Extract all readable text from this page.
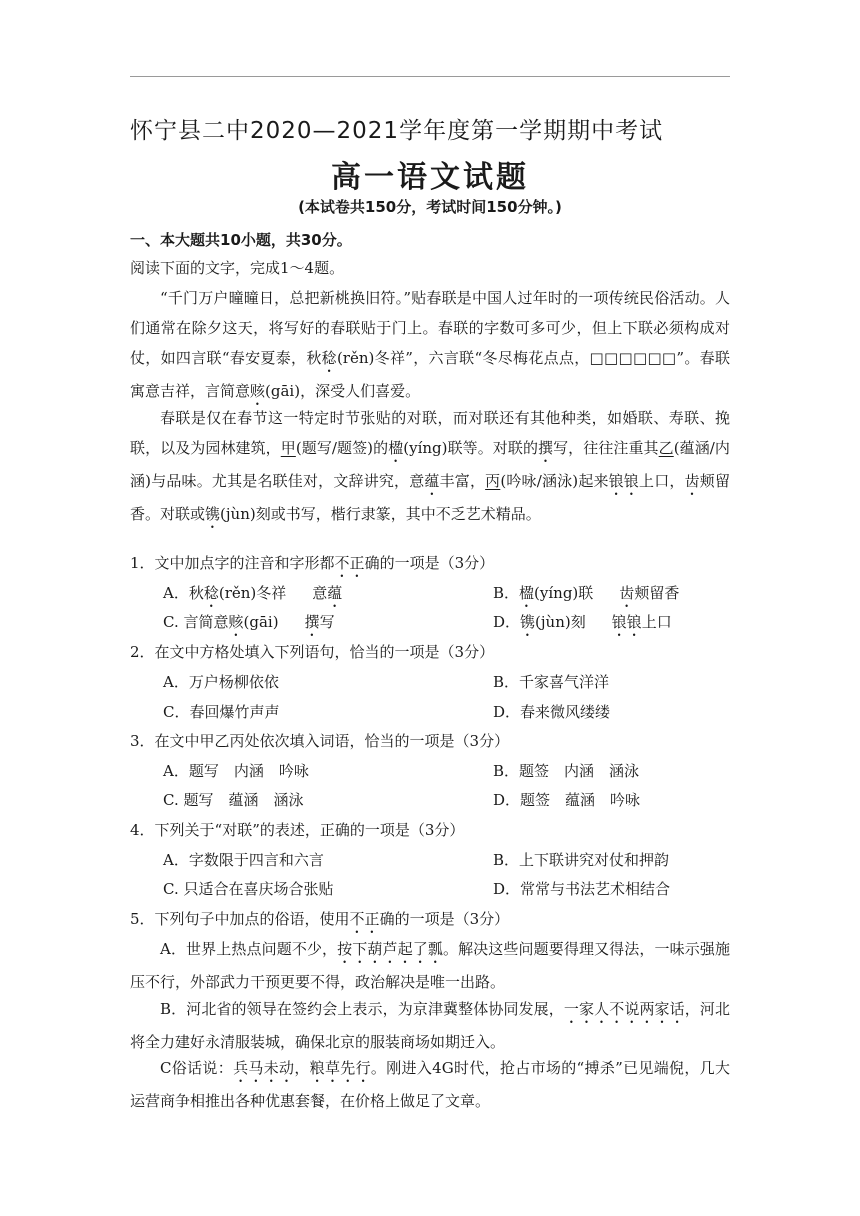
怀宁县二中2020—2021学年度第一学期期中考试
高一语文试题
(本试卷共150分，考试时间150分钟。)
一、本大题共10小题，共30分。
阅读下面的文字，完成1～4题。
“千门万户曈曈日，总把新桃换旧符。”贴春联是中国人过年时的一项传统民俗活动。人们通常在除夕这天，将写好的春联贴于门上。春联的字数可多可少，但上下联必须构成对仗，如四言联“春安夏泰，秋稔(rěn)冬祥”，六言联“冬尽梅花点点，□□□□□□”。春联寓意吉祥，言简意赅(gāi)，深受人们喜爱。
春联是仅在春节这一特定时节张贴的对联，而对联还有其他种类，如婚联、寿联、挽联，以及为园林建筑，甲(题写/题签)的楹(yíng)联等。对联的撰写，往往注重其乙(蕴涵/内涵)与品味。尤其是名联佳对，文辞讲究，意蕴丰富，丙(吟咏/涵泳)起来锒锒上口，齿颊留香。对联或镌(jùn)刻或书写，楷行隶篆，其中不乏艺术精品。
1．文中加点字的注音和字形都不正确的一项是（3分）
A．秋稔(rěn)冬祥 意蕴	B．楹(yíng)联 齿颊留香
C. 言简意赅(gāi) 撰写	D．镌(jùn)刻 锒锒上口
2．在文中方格处填入下列语句，恰当的一项是（3分）
A．万户杨柳依依	B．千家喜气洋洋
C．春回爆竹声声	D．春来微风缕缕
3．在文中甲乙丙处依次填入词语，恰当的一项是（3分）
A．题写　内涵　吟咏	B．题签　内涵　涵泳
C. 题写　蕴涵　涵泳	D．题签　蕴涵　吟咏
4．下列关于“对联”的表述，正确的一项是（3分）
A．字数限于四言和六言	B．上下联讲究对仗和押韵
C. 只适合在喜庆场合张贴	D．常常与书法艺术相结合
5．下列句子中加点的俗语，使用不正确的一项是（3分）
A．世界上热点问题不少，按下葫芦起了瓢。解决这些问题要得理又得法，一味示强施压不行，外部武力干预更要不得，政治解决是唯一出路。
B．河北省的领导在签约会上表示，为京津冀整体协同发展，一家人不说两家话，河北将全力建好永清服装城，确保北京的服装商场如期迁入。
C俗话说：兵马未动，粮草先行。刚进入4G时代，抢占市场的“搏杀”已见端倪，几大运营商争相推出各种优惠套餐，在价格上做足了文章。
